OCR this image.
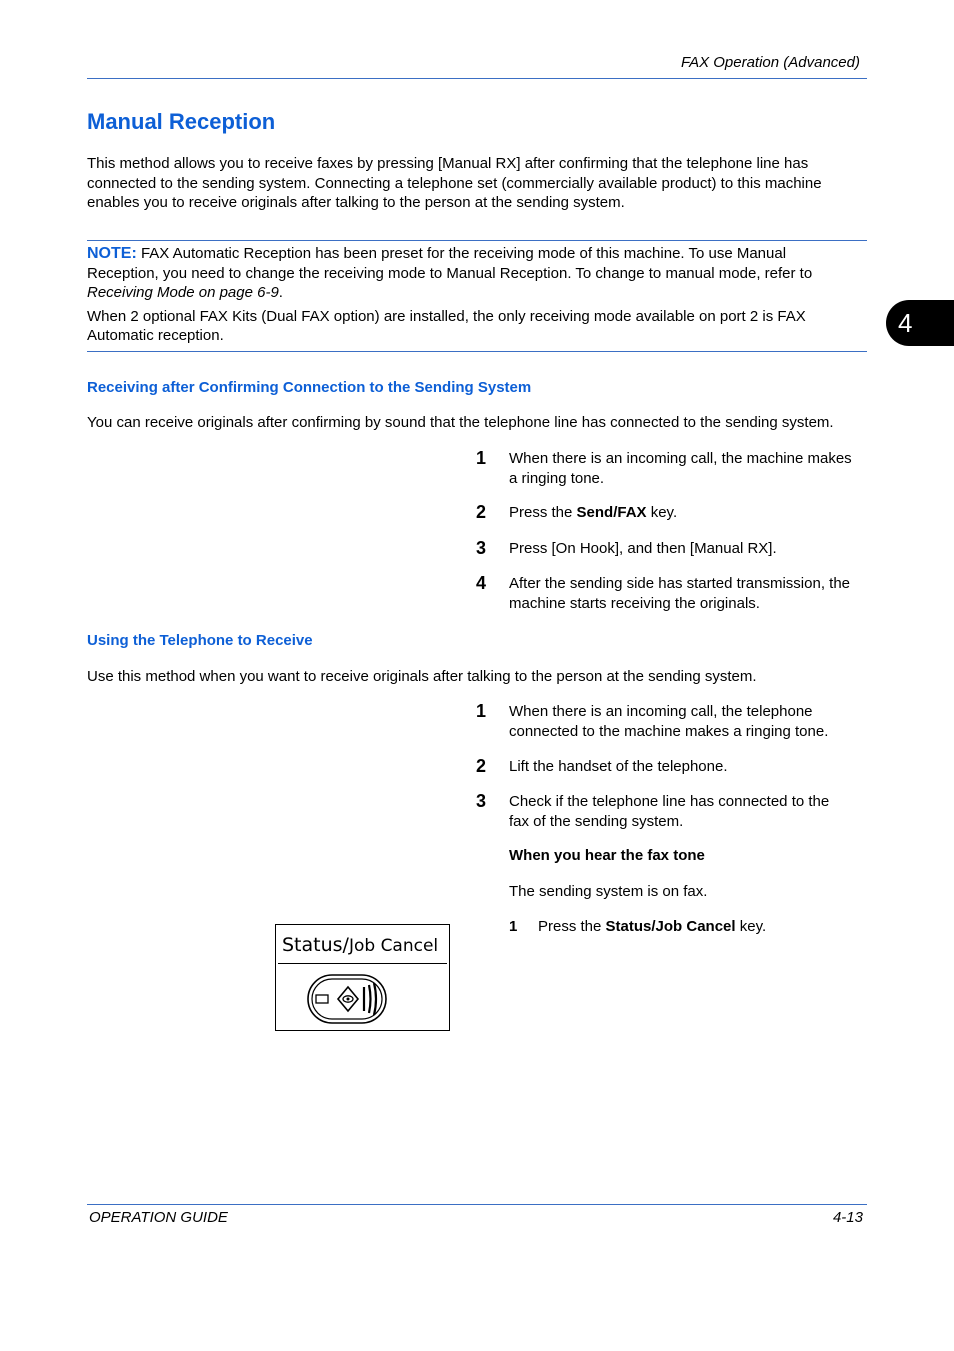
FAX Operation (Advanced)
4
Manual Reception
This method allows you to receive faxes by pressing [Manual RX] after confirming that the telephone line has
connected to the sending system. Connecting a telephone set (commercially available product) to this machine
enables you to receive originals after talking to the person at the sending system.
NOTE: FAX Automatic Reception has been preset for the receiving mode of this machine. To use Manual
Reception, you need to change the receiving mode to Manual Reception. To change to manual mode, refer to
Receiving Mode on page 6-9.
When 2 optional FAX Kits (Dual FAX option) are installed, the only receiving mode available on port 2 is FAX
Automatic reception.
Receiving after Confirming Connection to the Sending System
You can receive originals after confirming by sound that the telephone line has connected to the sending system.
1 When there is an incoming call, the machine makes
a ringing tone.
2 Press the Send/FAX key.
3 Press [On Hook], and then [Manual RX].
4 After the sending side has started transmission, the
machine starts receiving the originals.
Using the Telephone to Receive
Use this method when you want to receive originals after talking to the person at the sending system.
1 When there is an incoming call, the telephone
connected to the machine makes a ringing tone.
2 Lift the handset of the telephone.
3 Check if the telephone line has connected to the
fax of the sending system.
When you hear the fax tone
The sending system is on fax.
1 Press the Status/Job Cancel key.
Status/Job Cancel
OPERATION GUIDE	4-13
